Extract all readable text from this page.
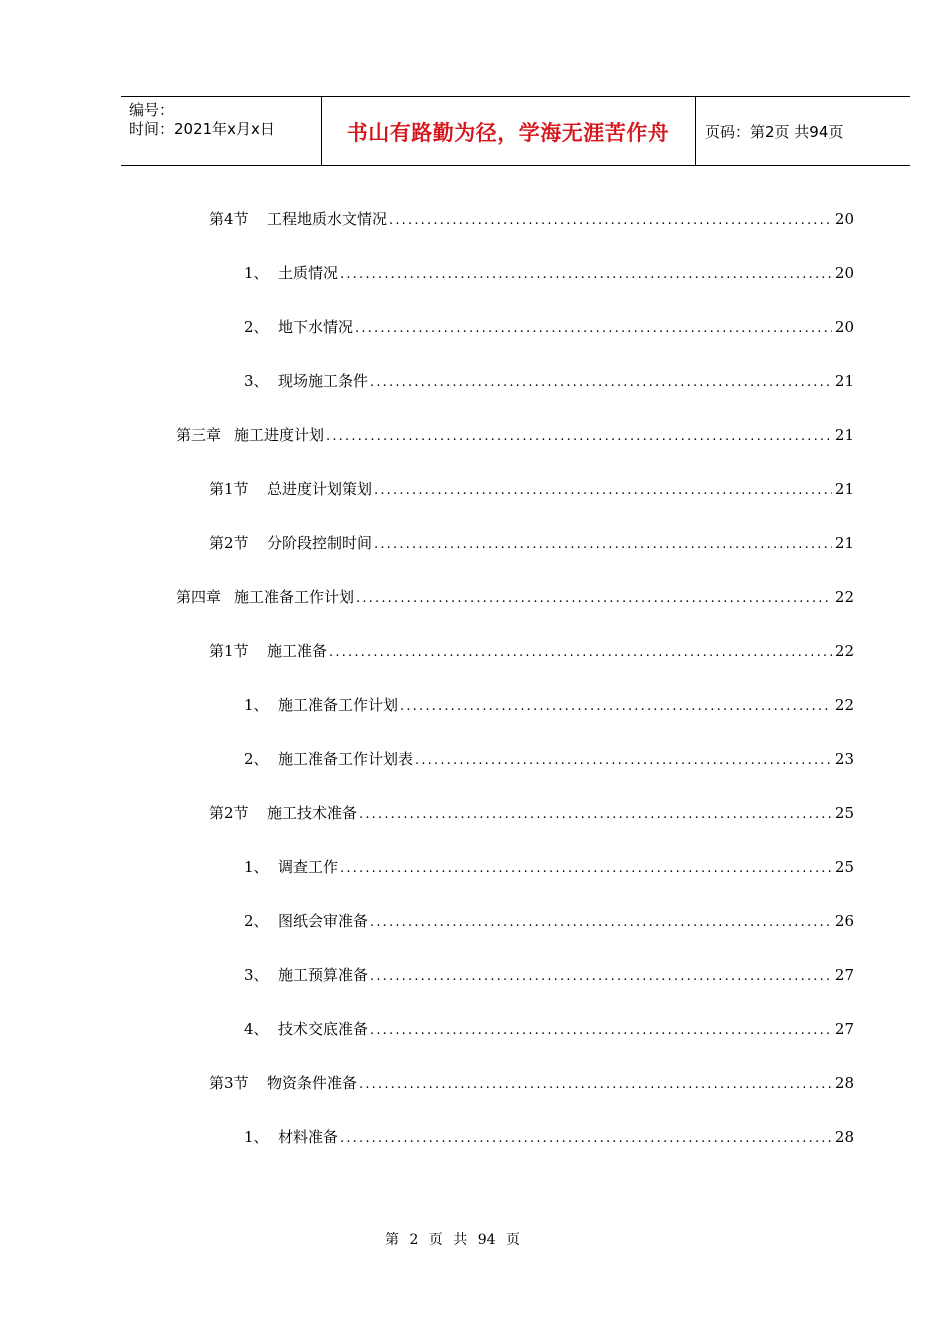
编号：
时间：2021年x月x日	书山有路勤为径，学海无涯苦作舟	页码：第2页 共94页
第4节	工程地质水文情况 .....	20
1、 土质情况 .....	20
2、 地下水情况 .....	20
3、 现场施工条件 .....	21
第三章 施工进度计划 .....	21
第1节	总进度计划策划 .....	21
第2节	分阶段控制时间 .....	21
第四章 施工准备工作计划 .....	22
第1节	施工准备 .....	22
1、 施工准备工作计划 .....	22
2、 施工准备工作计划表 .....	23
第2节	施工技术准备 .....	25
1、 调查工作 .....	25
2、 图纸会审准备 .....	26
3、 施工预算准备 .....	27
4、 技术交底准备 .....	27
第3节	物资条件准备 .....	28
1、 材料准备 .....	28
第 2 页 共 94 页
